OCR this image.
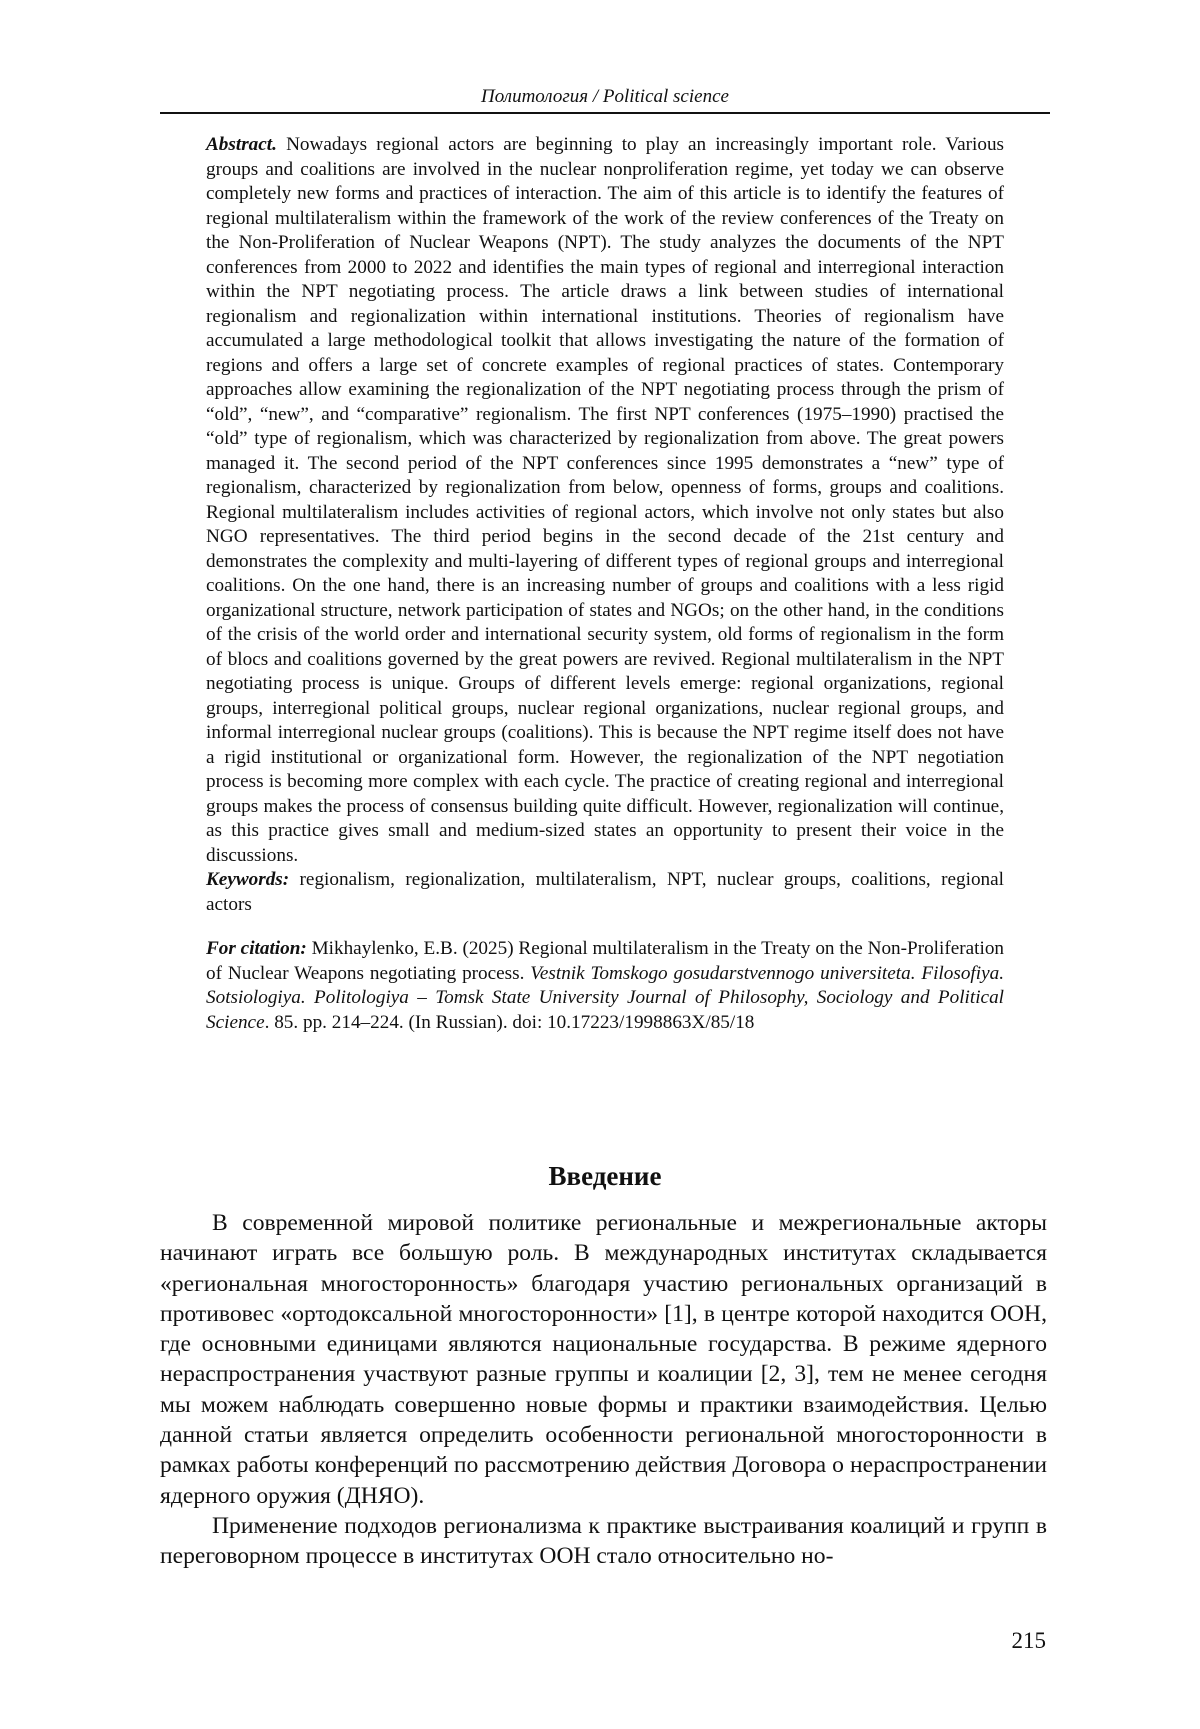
Политология / Political science

Abstract. Nowadays regional actors are beginning to play an increasingly important role. Various groups and coalitions are involved in the nuclear nonproliferation regime, yet today we can observe completely new forms and practices of interaction. The aim of this article is to identify the features of regional multilateralism within the framework of the work of the review conferences of the Treaty on the Non-Proliferation of Nuclear Weapons (NPT). The study analyzes the documents of the NPT conferences from 2000 to 2022 and identifies the main types of regional and interregional interaction within the NPT negotiating process. The article draws a link between studies of international regionalism and regionalization within international institutions. Theories of regionalism have accumulated a large methodological toolkit that allows investigating the nature of the formation of regions and offers a large set of concrete examples of regional practices of states. Contemporary approaches allow examining the regionalization of the NPT negotiating process through the prism of “old”, “new”, and “comparative” regionalism. The first NPT conferences (1975–1990) practised the “old” type of regionalism, which was characterized by regionalization from above. The great powers managed it. The second period of the NPT conferences since 1995 demonstrates a “new” type of regionalism, characterized by regionalization from below, openness of forms, groups and coalitions. Regional multilateralism includes activities of regional actors, which involve not only states but also NGO representatives. The third period begins in the second decade of the 21st century and demonstrates the complexity and multi-layering of different types of regional groups and interregional coalitions. On the one hand, there is an increasing number of groups and coalitions with a less rigid organizational structure, network participation of states and NGOs; on the other hand, in the conditions of the crisis of the world order and international security system, old forms of regionalism in the form of blocs and coalitions governed by the great powers are revived. Regional multilateralism in the NPT negotiating process is unique. Groups of different levels emerge: regional organizations, regional groups, interregional political groups, nuclear regional organizations, nuclear regional groups, and informal interregional nuclear groups (coalitions). This is because the NPT regime itself does not have a rigid institutional or organizational form. However, the regionalization of the NPT negotiation process is becoming more complex with each cycle. The practice of creating regional and interregional groups makes the process of consensus building quite difficult. However, regionalization will continue, as this practice gives small and medium-sized states an opportunity to present their voice in the discussions.

Keywords: regionalism, regionalization, multilateralism, NPT, nuclear groups, coalitions, regional actors

For citation: Mikhaylenko, E.B. (2025) Regional multilateralism in the Treaty on the Non-Proliferation of Nuclear Weapons negotiating process. Vestnik Tomskogo gosudarstvennogo universiteta. Filosofiya. Sotsiologiya. Politologiya – Tomsk State University Journal of Philosophy, Sociology and Political Science. 85. pp. 214–224. (In Russian). doi: 10.17223/1998863X/85/18

Введение

В современной мировой политике региональные и межрегиональные акторы начинают играть все большую роль. В международных институтах складывается «региональная многосторонность» благодаря участию региональных организаций в противовес «ортодоксальной многосторонности» [1], в центре которой находится ООН, где основными единицами являются национальные государства. В режиме ядерного нераспространения участвуют разные группы и коалиции [2, 3], тем не менее сегодня мы можем наблюдать совершенно новые формы и практики взаимодействия. Целью данной статьи является определить особенности региональной многосторонности в рамках работы конференций по рассмотрению действия Договора о нераспространении ядерного оружия (ДНЯО).

Применение подходов регионализма к практике выстраивания коалиций и групп в переговорном процессе в институтах ООН стало относительно но-

215
